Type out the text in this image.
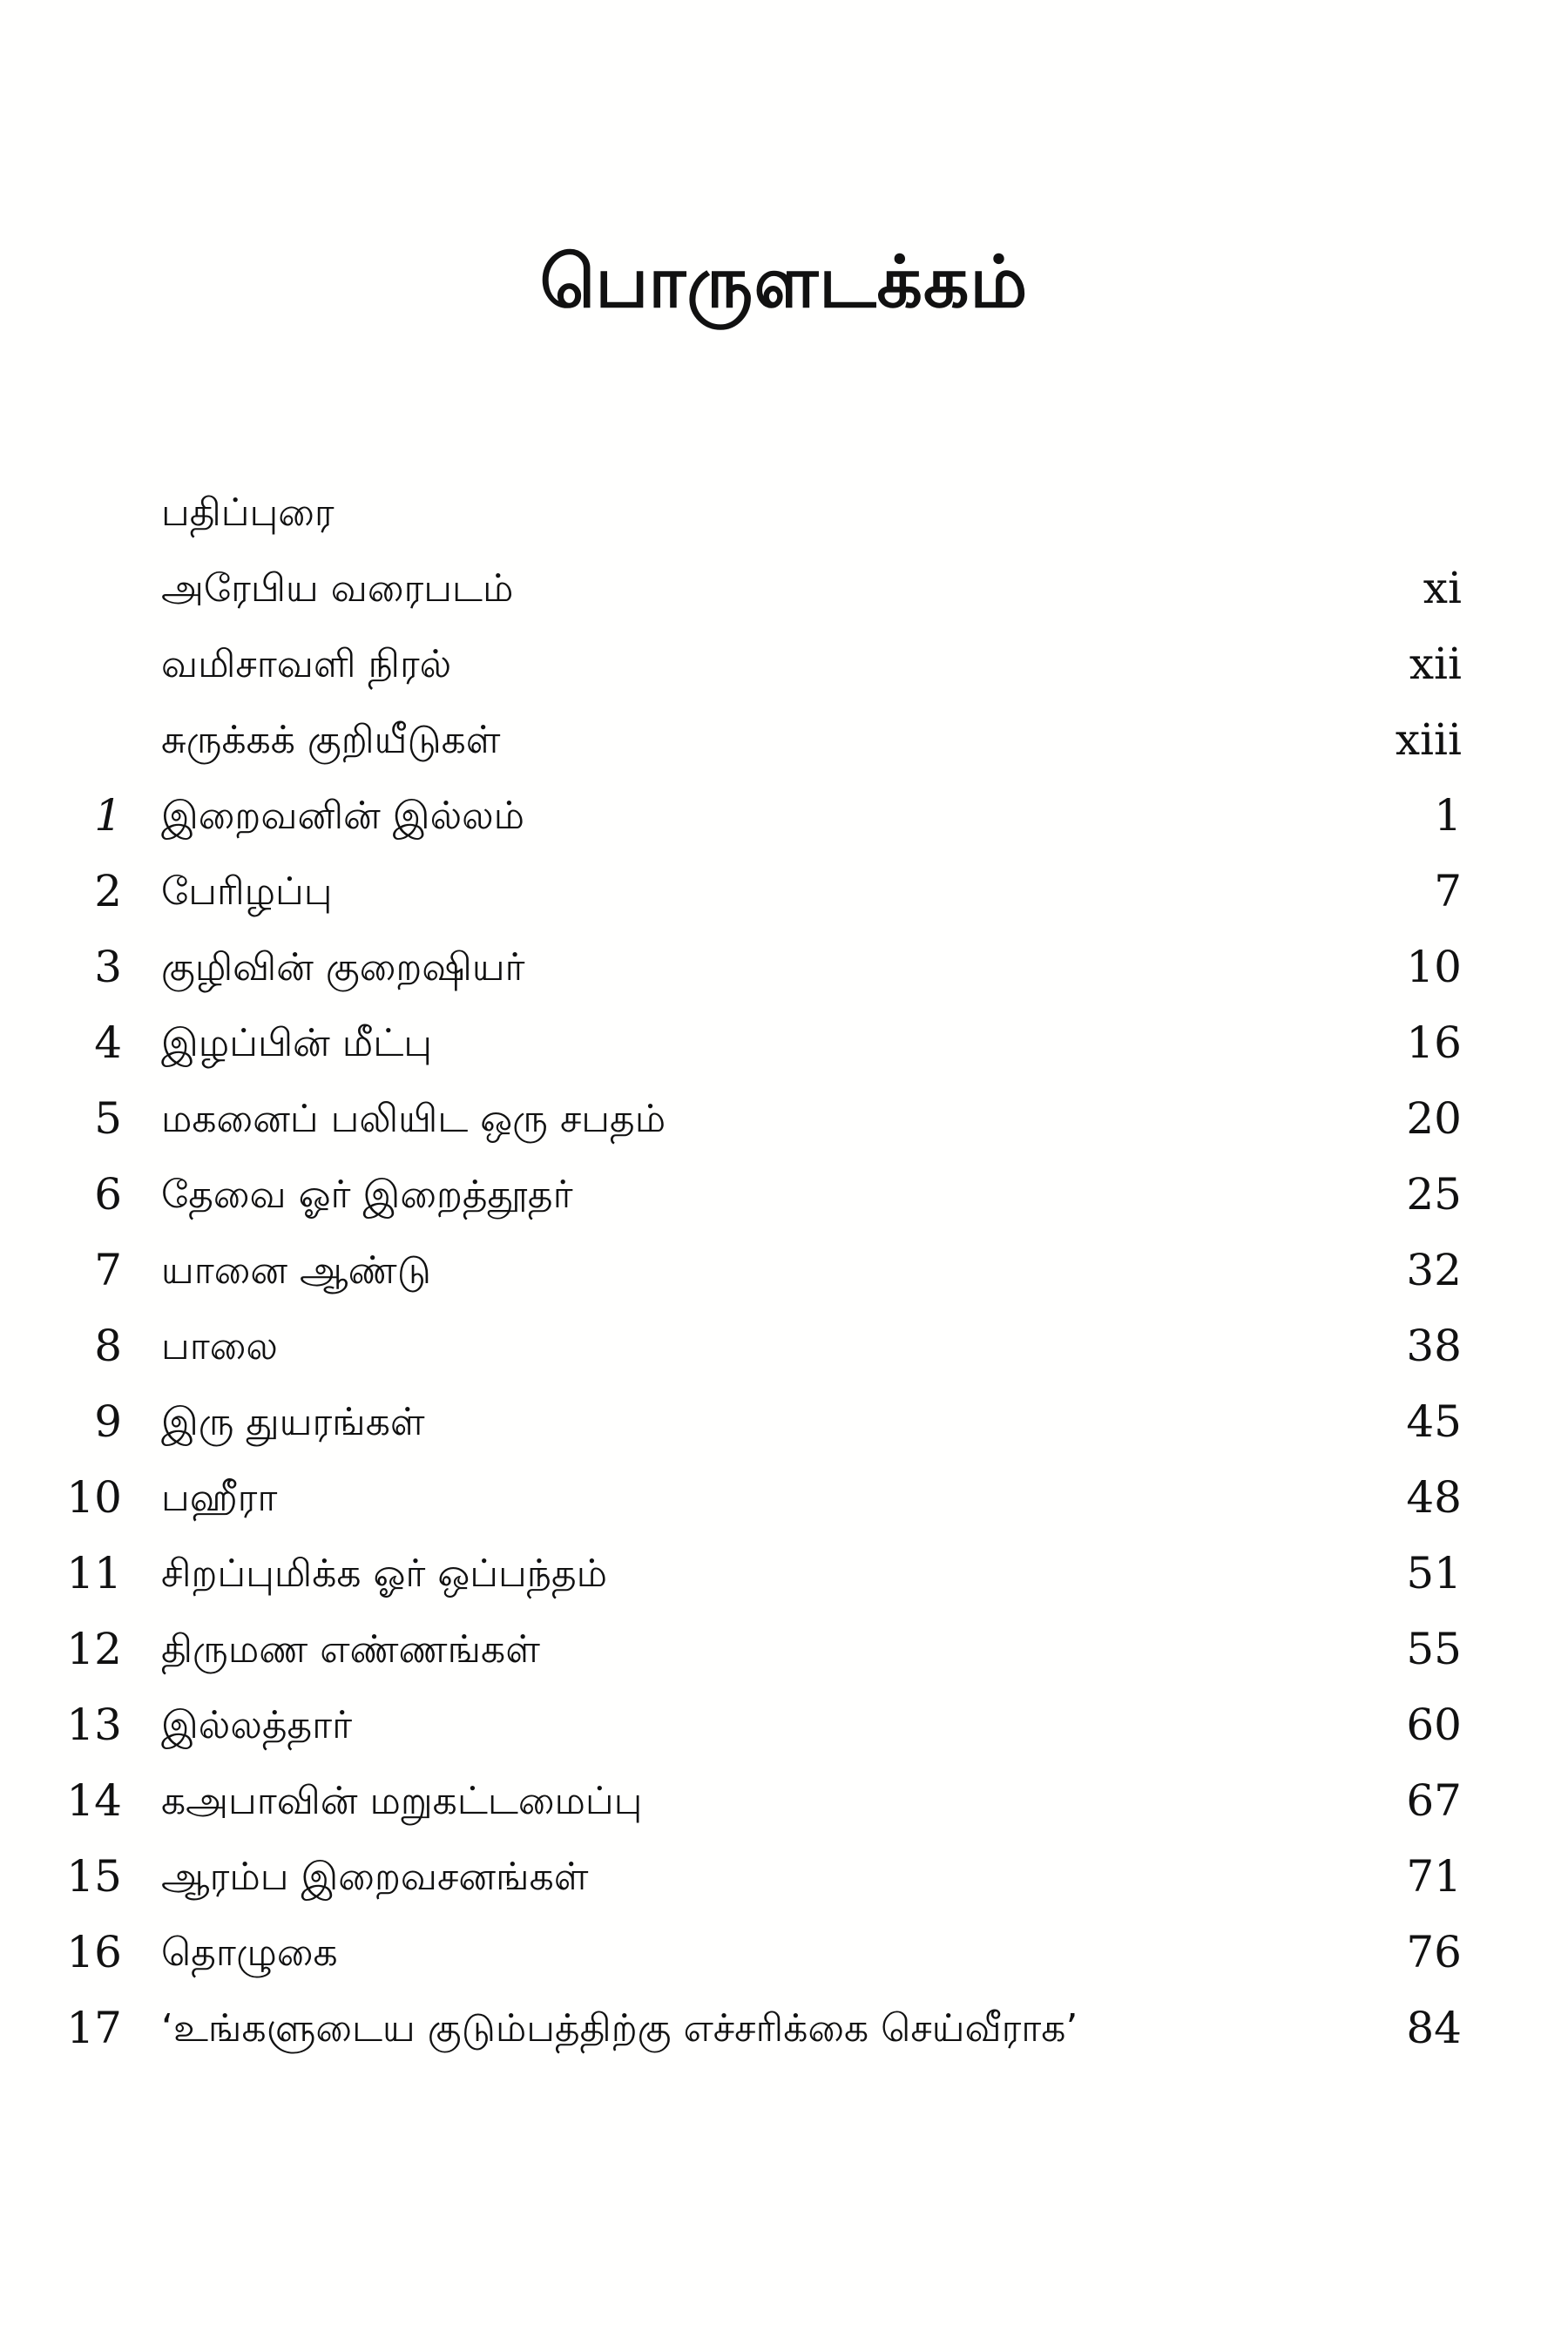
பொருளடக்கம்
பதிப்புரை
அரேபிய வரைபடம்	xi
வமிசாவளி நிரல்	xii
சுருக்கக் குறியீடுகள்	xiii
1 இறைவனின் இல்லம்	1
2 பேரிழப்பு	7
3 குழிவின் குறைஷியர்	10
4 இழப்பின் மீட்பு	16
5 மகனைப் பலியிட ஒரு சபதம்	20
6 தேவை ஓர் இறைத்தூதர்	25
7 யானை ஆண்டு	32
8 பாலை	38
9 இரு துயரங்கள்	45
10 பஹீரா	48
11 சிறப்புமிக்க ஓர் ஒப்பந்தம்	51
12 திருமண எண்ணங்கள்	55
13 இல்லத்தார்	60
14 கஅபாவின் மறுகட்டமைப்பு	67
15 ஆரம்ப இறைவசனங்கள்	71
16 தொழுகை	76
17 ‘உங்களுடைய குடும்பத்திற்கு எச்சரிக்கை செய்வீராக’	84
